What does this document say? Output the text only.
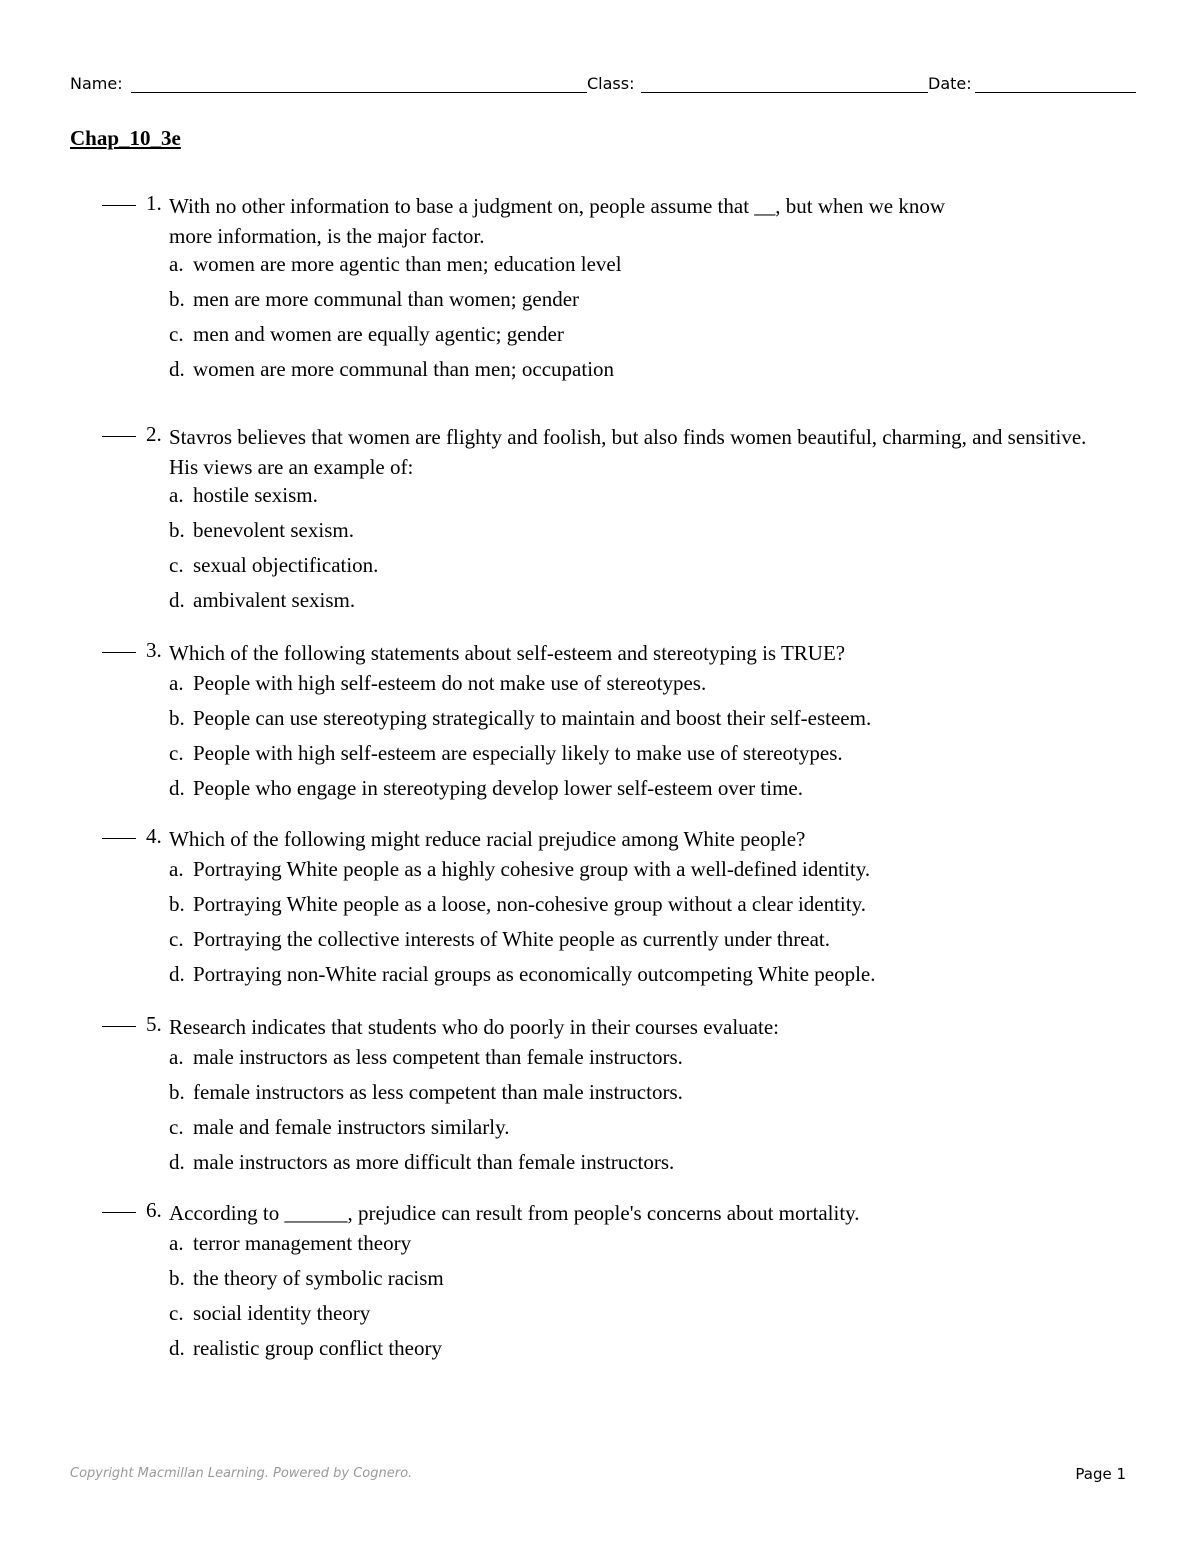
Name:	Class:	Date:
Chap_10_3e
1. With no other information to base a judgment on, people assume that __, but when we know
more information, is the major factor.
a. women are more agentic than men; education level
b. men are more communal than women; gender
c. men and women are equally agentic; gender
d. women are more communal than men; occupation
2. Stavros believes that women are flighty and foolish, but also finds women beautiful, charming, and sensitive.
His views are an example of:
a. hostile sexism.
b. benevolent sexism.
c. sexual objectification.
d. ambivalent sexism.
3. Which of the following statements about self-esteem and stereotyping is TRUE?
a. People with high self-esteem do not make use of stereotypes.
b. People can use stereotyping strategically to maintain and boost their self-esteem.
c. People with high self-esteem are especially likely to make use of stereotypes.
d. People who engage in stereotyping develop lower self-esteem over time.
4. Which of the following might reduce racial prejudice among White people?
a. Portraying White people as a highly cohesive group with a well-defined identity.
b. Portraying White people as a loose, non-cohesive group without a clear identity.
c. Portraying the collective interests of White people as currently under threat.
d. Portraying non-White racial groups as economically outcompeting White people.
5. Research indicates that students who do poorly in their courses evaluate:
a. male instructors as less competent than female instructors.
b. female instructors as less competent than male instructors.
c. male and female instructors similarly.
d. male instructors as more difficult than female instructors.
6. According to ______, prejudice can result from people's concerns about mortality.
a. terror management theory
b. the theory of symbolic racism
c. social identity theory
d. realistic group conflict theory
Copyright Macmillan Learning. Powered by Cognero.	Page 1
